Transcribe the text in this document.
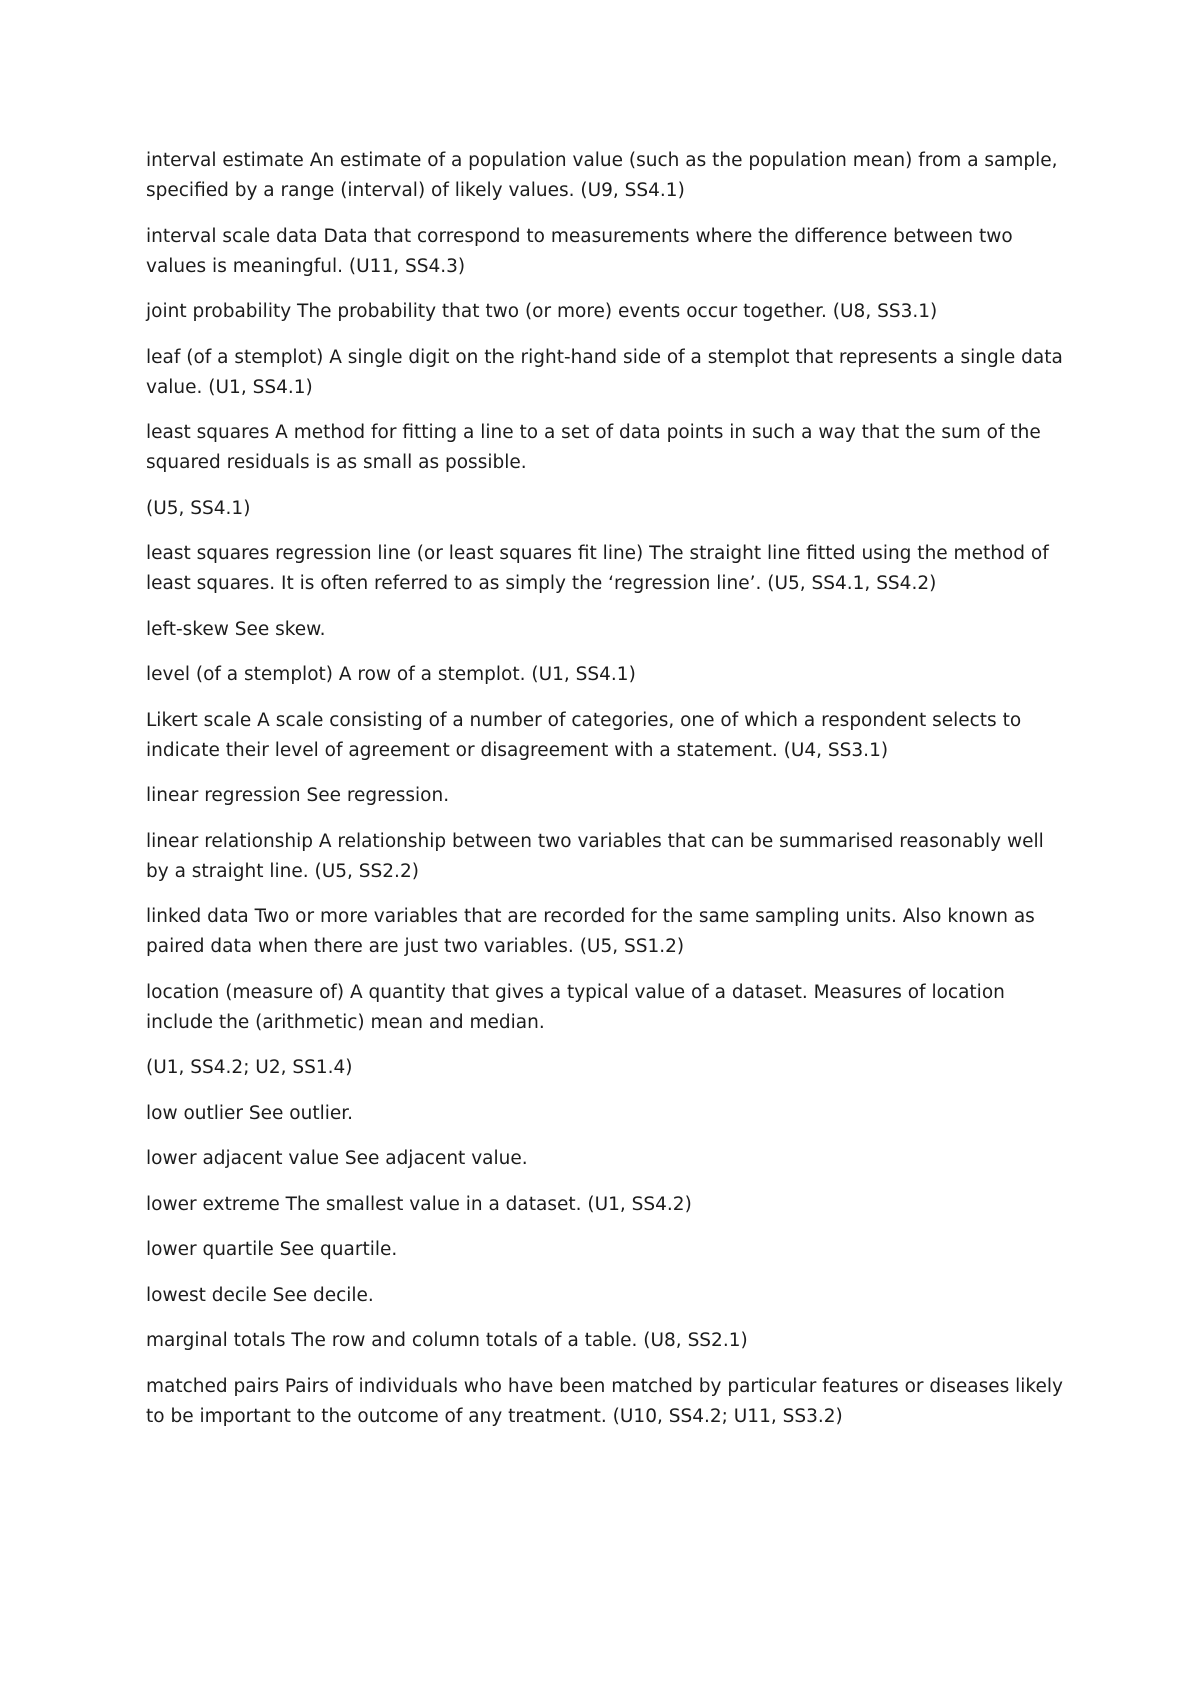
interval estimate An estimate of a population value (such as the population mean) from a sample, specified by a range (interval) of likely values. (U9, SS4.1)

interval scale data Data that correspond to measurements where the difference between two values is meaningful. (U11, SS4.3)

joint probability The probability that two (or more) events occur together. (U8, SS3.1)

leaf (of a stemplot) A single digit on the right-hand side of a stemplot that represents a single data value. (U1, SS4.1)

least squares A method for fitting a line to a set of data points in such a way that the sum of the squared residuals is as small as possible.

(U5, SS4.1)

least squares regression line (or least squares fit line) The straight line fitted using the method of least squares. It is often referred to as simply the ‘regression line’. (U5, SS4.1, SS4.2)

left-skew See skew.

level (of a stemplot) A row of a stemplot. (U1, SS4.1)

Likert scale A scale consisting of a number of categories, one of which a respondent selects to indicate their level of agreement or disagreement with a statement. (U4, SS3.1)

linear regression See regression.

linear relationship A relationship between two variables that can be summarised reasonably well by a straight line. (U5, SS2.2)

linked data Two or more variables that are recorded for the same sampling units. Also known as paired data when there are just two variables. (U5, SS1.2)

location (measure of) A quantity that gives a typical value of a dataset. Measures of location include the (arithmetic) mean and median.

(U1, SS4.2; U2, SS1.4)

low outlier See outlier.

lower adjacent value See adjacent value.

lower extreme The smallest value in a dataset. (U1, SS4.2)

lower quartile See quartile.

lowest decile See decile.

marginal totals The row and column totals of a table. (U8, SS2.1)

matched pairs Pairs of individuals who have been matched by particular features or diseases likely to be important to the outcome of any treatment. (U10, SS4.2; U11, SS3.2)
